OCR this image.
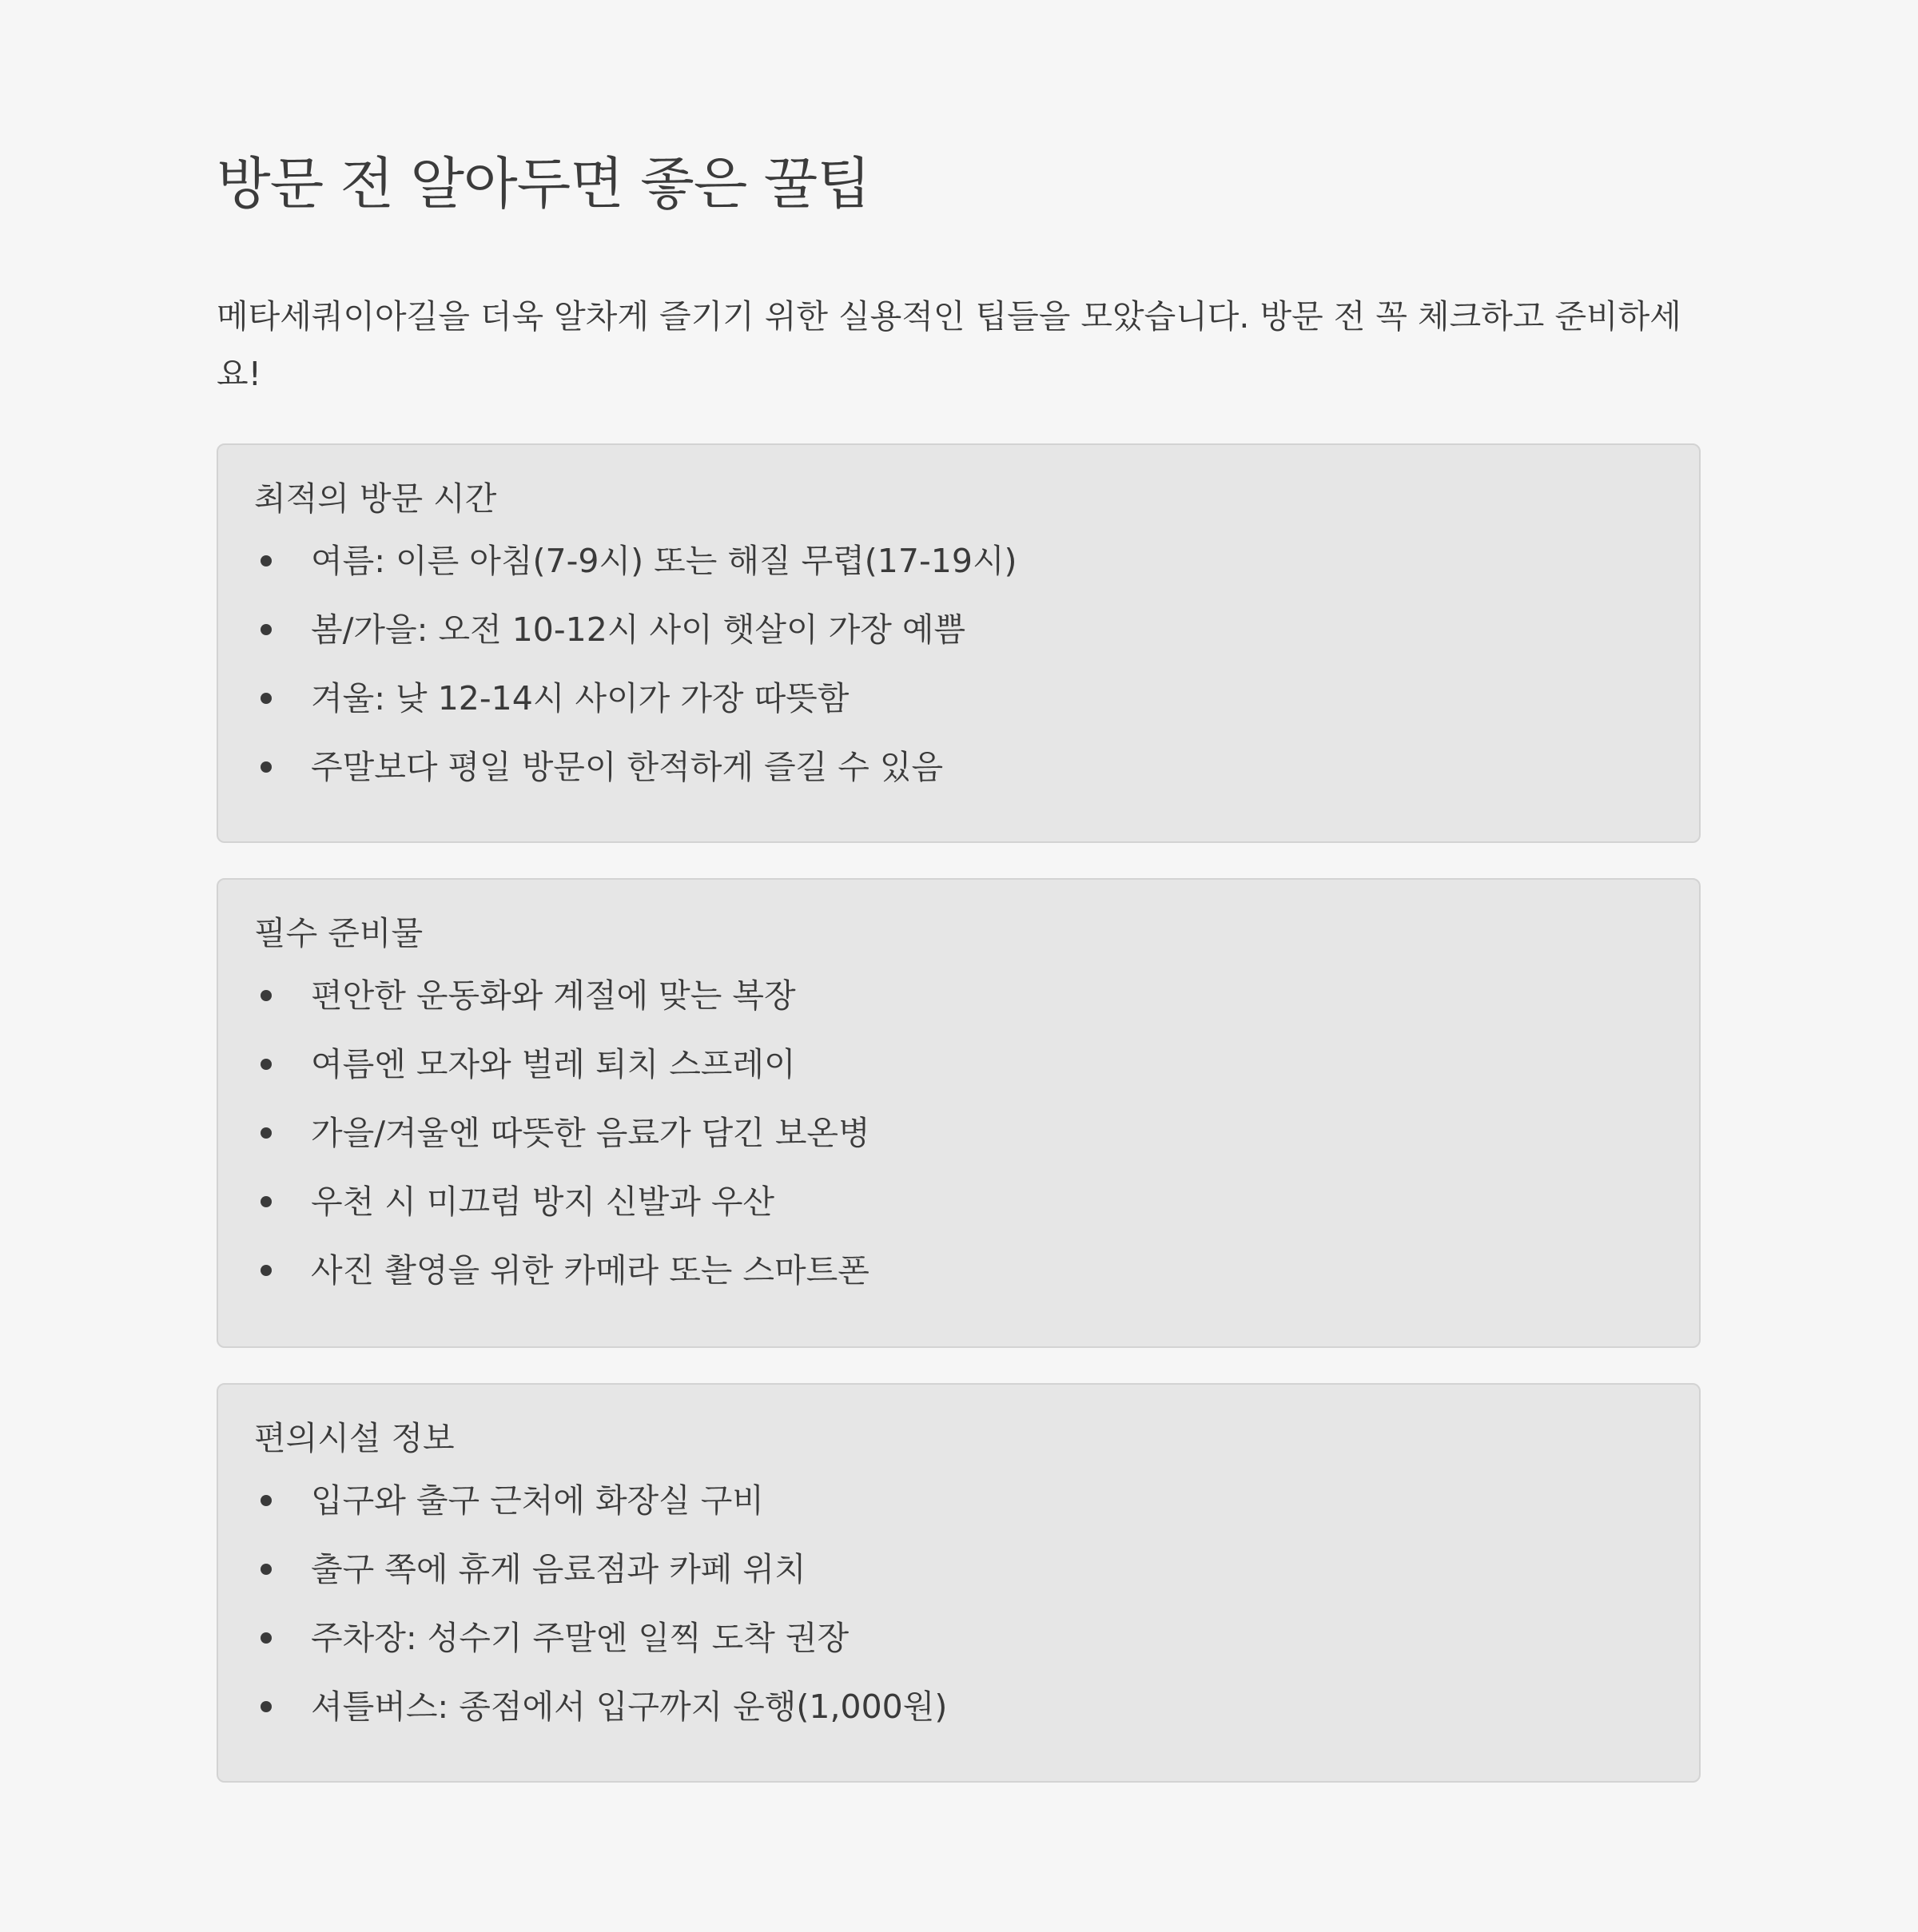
방문 전 알아두면 좋은 꿀팁

메타세쿼이아길을 더욱 알차게 즐기기 위한 실용적인 팁들을 모았습니다. 방문 전 꼭 체크하고 준비하세요!

최적의 방문 시간
여름: 이른 아침(7-9시) 또는 해질 무렵(17-19시)
봄/가을: 오전 10-12시 사이 햇살이 가장 예쁨
겨울: 낮 12-14시 사이가 가장 따뜻함
주말보다 평일 방문이 한적하게 즐길 수 있음
필수 준비물
편안한 운동화와 계절에 맞는 복장
여름엔 모자와 벌레 퇴치 스프레이
가을/겨울엔 따뜻한 음료가 담긴 보온병
우천 시 미끄럼 방지 신발과 우산
사진 촬영을 위한 카메라 또는 스마트폰
편의시설 정보
입구와 출구 근처에 화장실 구비
출구 쪽에 휴게 음료점과 카페 위치
주차장: 성수기 주말엔 일찍 도착 권장
셔틀버스: 종점에서 입구까지 운행(1,000원)
